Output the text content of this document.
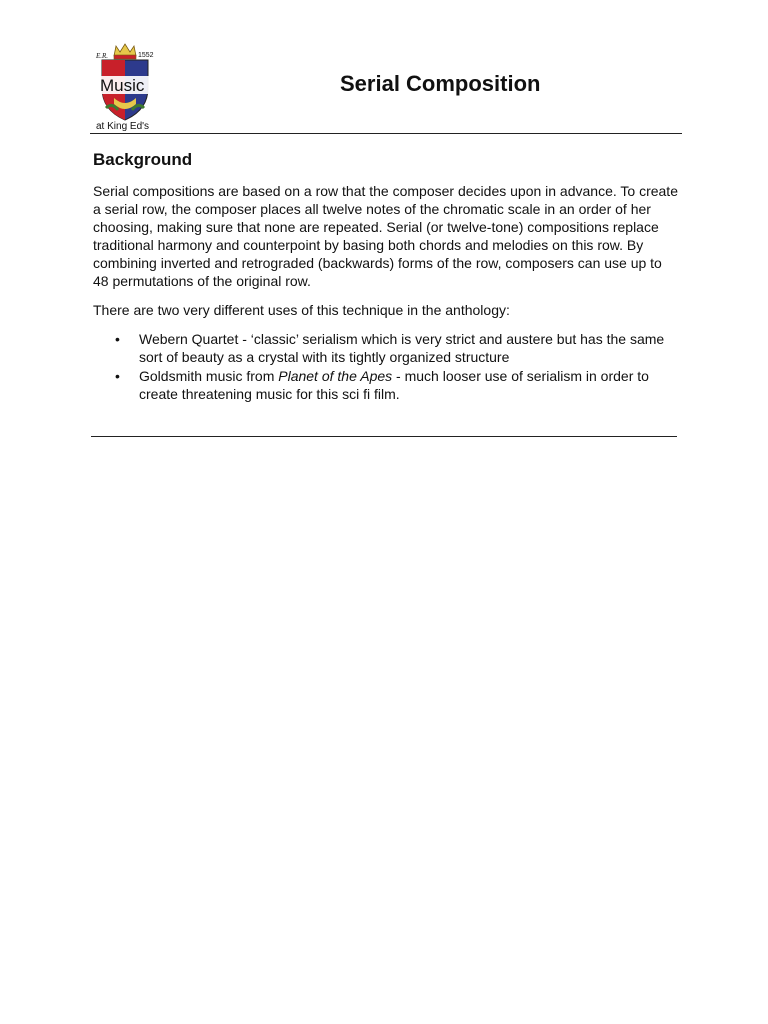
E.R.	1552
Music
at King Ed's
Serial Composition
Background

Serial compositions are based on a row that the composer decides upon in advance. To create a serial row, the composer places all twelve notes of the chromatic scale in an order of her choosing, making sure that none are repeated. Serial (or twelve-tone) compositions replace traditional harmony and counterpoint by basing both chords and melodies on this row. By combining inverted and retrograded (backwards) forms of the row, composers can use up to 48 permutations of the original row.

There are two very different uses of this technique in the anthology:

• Webern Quartet - ‘classic’ serialism which is very strict and austere but has the same sort of beauty as a crystal with its tightly organized structure
• Goldsmith music from Planet of the Apes - much looser use of serialism in order to create threatening music for this sci fi film.
